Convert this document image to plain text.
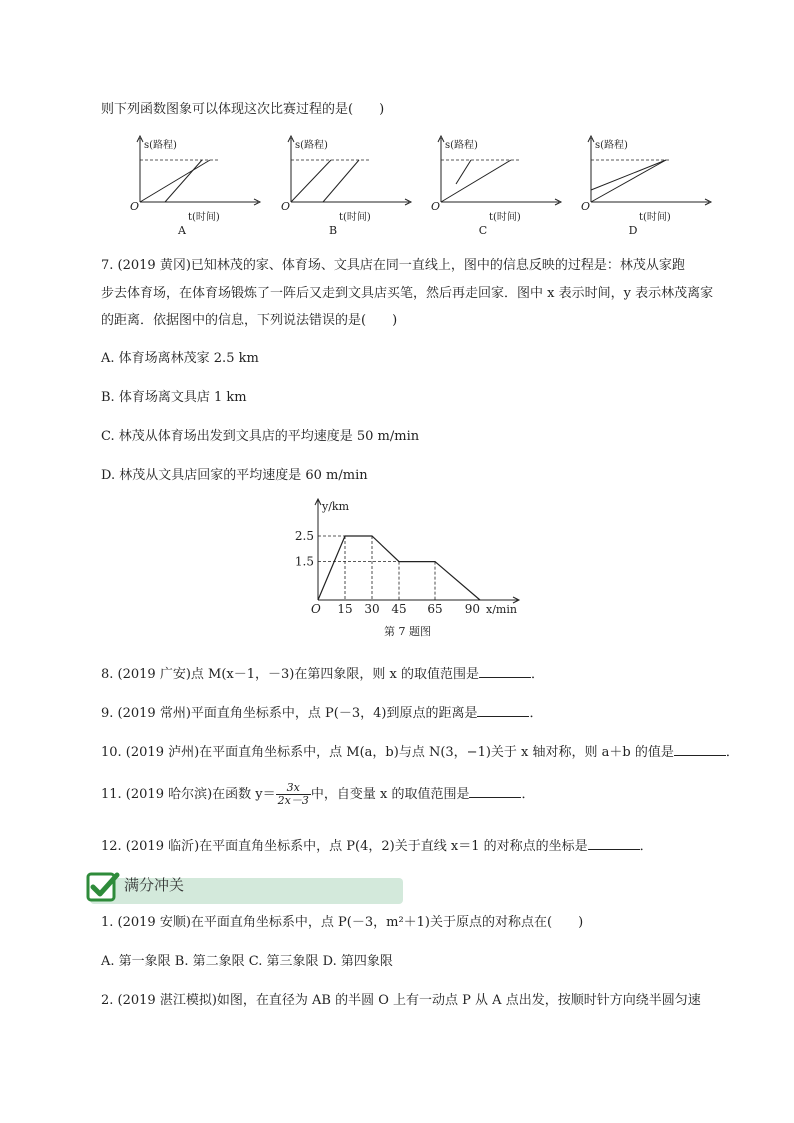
则下列函数图象可以体现这次比赛过程的是(　　)
s(路程)
O
t(时间)
A
s(路程)
O
t(时间)
B
s(路程)
O
t(时间)
C
s(路程)
O
t(时间)
D
7. (2019 黄冈)已知林茂的家、体育场、文具店在同一直线上，图中的信息反映的过程是：林茂从家跑
步去体育场，在体育场锻炼了一阵后又走到文具店买笔，然后再走回家．图中 x 表示时间，y 表示林茂离家
的距离．依据图中的信息，下列说法错误的是(　　)
A. 体育场离林茂家 2.5 km
B. 体育场离文具店 1 km
C. 林茂从体育场出发到文具店的平均速度是 50 m/min
D. 林茂从文具店回家的平均速度是 60 m/min
y/km
x/min
O
2.5
1.5
15 30 45 65 90
第 7 题图
8. (2019 广安)点 M(x－1，－3)在第四象限，则 x 的取值范围是	．
9. (2019 常州)平面直角坐标系中，点 P(－3，4)到原点的距离是	．
10. (2019 泸州)在平面直角坐标系中，点 M(a，b)与点 N(3，−1)关于 x 轴对称，则 a＋b 的值是	．
11. (2019 哈尔滨)在函数 $y= \frac{3x}{2x-3}$ 中，自变量 x 的取值范围是	．
12. (2019 临沂)在平面直角坐标系中，点 P(4，2)关于直线 x＝1 的对称点的坐标是	．
满分冲关
1. (2019 安顺)在平面直角坐标系中，点 P(－3，m²＋1)关于原点的对称点在(　　)
A. 第一象限 B. 第二象限 C. 第三象限 D. 第四象限
2. (2019 湛江模拟)如图，在直径为 AB 的半圆 O 上有一动点 P 从 A 点出发，按顺时针方向绕半圆匀速
